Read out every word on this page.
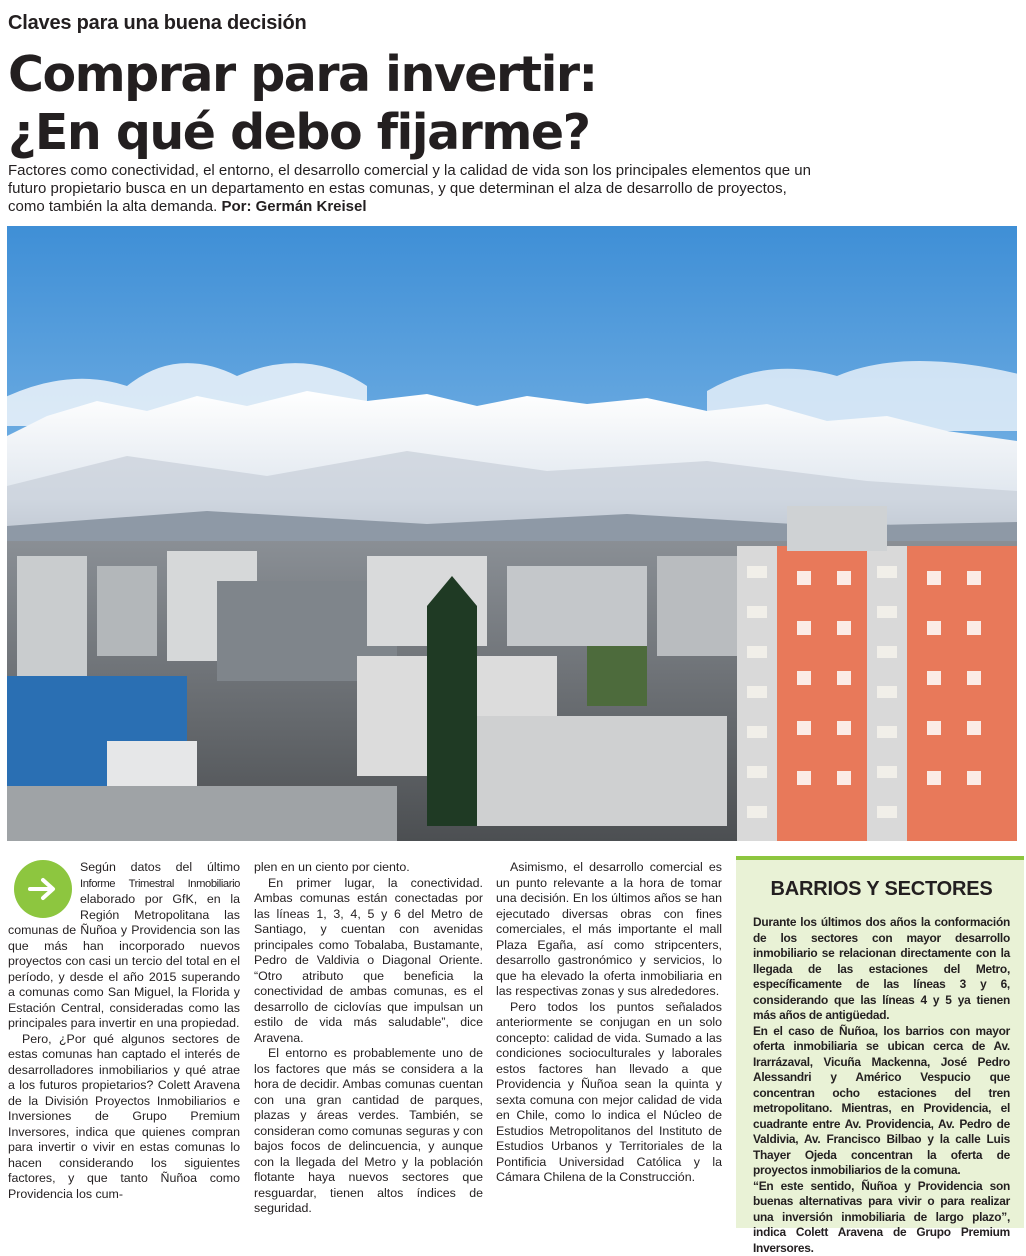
Claves para una buena decisión
Comprar para invertir:
¿En qué debo fijarme?

Factores como conectividad, el entorno, el desarrollo comercial y la calidad de vida son los principales elementos que un futuro propietario busca en un departamento en estas comunas, y que determinan el alza de desarrollo de proyectos, como también la alta demanda. Por: Germán Kreisel

Según datos del último Informe Trimestral Inmobiliario elaborado por GfK, en la Región Metropolitana las comunas de Ñuñoa y Providencia son las que más han incorporado nuevos proyectos con casi un tercio del total en el período, y desde el año 2015 superando a comunas como San Miguel, la Florida y Estación Central, consideradas como las principales para invertir en una propiedad.

Pero, ¿Por qué algunos sectores de estas comunas han captado el interés de desarrolladores inmobiliarios y qué atrae a los futuros propietarios? Colett Aravena de la División Proyectos Inmobiliarios e Inversiones de Grupo Premium Inversores, indica que quienes compran para invertir o vivir en estas comunas lo hacen considerando los siguientes factores, y que tanto Ñuñoa como Providencia los cum-

plen en un ciento por ciento.

En primer lugar, la conectividad. Ambas comunas están conectadas por las líneas 1, 3, 4, 5 y 6 del Metro de Santiago, y cuentan con avenidas principales como Tobalaba, Bustamante, Pedro de Valdivia o Diagonal Oriente. “Otro atributo que beneficia la conectividad de ambas comunas, es el desarrollo de ciclovías que impulsan un estilo de vida más saludable”, dice Aravena.

El entorno es probablemente uno de los factores que más se considera a la hora de decidir. Ambas comunas cuentan con una gran cantidad de parques, plazas y áreas verdes. También, se consideran como comunas seguras y con bajos focos de delincuencia, y aunque con la llegada del Metro y la población flotante haya nuevos sectores que resguardar, tienen altos índices de seguridad.

Asimismo, el desarrollo comercial es un punto relevante a la hora de tomar una decisión. En los últimos años se han ejecutado diversas obras con fines comerciales, el más importante el mall Plaza Egaña, así como stripcenters, desarrollo gastronómico y servicios, lo que ha elevado la oferta inmobiliaria en las respectivas zonas y sus alrededores.

Pero todos los puntos señalados anteriormente se conjugan en un solo concepto: calidad de vida. Sumado a las condiciones socioculturales y laborales estos factores han llevado a que Providencia y Ñuñoa sean la quinta y sexta comuna con mejor calidad de vida en Chile, como lo indica el Núcleo de Estudios Metropolitanos del Instituto de Estudios Urbanos y Territoriales de la Pontificia Universidad Católica y la Cámara Chilena de la Construcción.

BARRIOS Y SECTORES

Durante los últimos dos años la conformación de los sectores con mayor desarrollo inmobiliario se relacionan directamente con la llegada de las estaciones del Metro, específicamente de las líneas 3 y 6, considerando que las líneas 4 y 5 ya tienen más años de antigüedad.

En el caso de Ñuñoa, los barrios con mayor oferta inmobiliaria se ubican cerca de Av. Irarrázaval, Vicuña Mackenna, José Pedro Alessandri y Américo Vespucio que concentran ocho estaciones del tren metropolitano. Mientras, en Providencia, el cuadrante entre Av. Providencia, Av. Pedro de Valdivia, Av. Francisco Bilbao y la calle Luis Thayer Ojeda concentran la oferta de proyectos inmobiliarios de la comuna.

“En este sentido, Ñuñoa y Providencia son buenas alternativas para vivir o para realizar una inversión inmobiliaria de largo plazo”, indica Colett Aravena de Grupo Premium Inversores.
